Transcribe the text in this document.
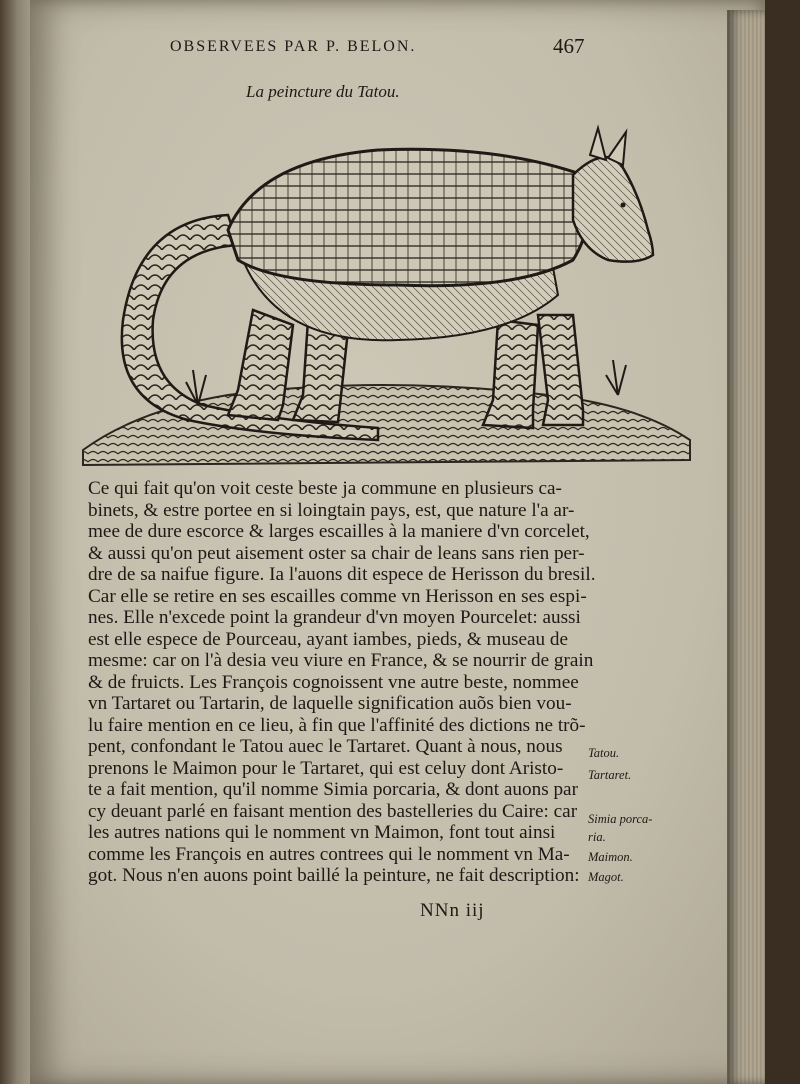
OBSERVEES PAR P. BELON.	467
La peincture du Tatou.
Ce qui fait qu'on voit ceste beste ja commune en plusieurs ca-
binets, & estre portee en si loingtain pays, est, que nature l'a ar-
mee de dure escorce & larges escailles à la maniere d'vn corcelet,
& aussi qu'on peut aisement oster sa chair de leans sans rien per-
dre de sa naifue figure. Ia l'auons dit espece de Herisson du bresil.
Car elle se retire en ses escailles comme vn Herisson en ses espi-
nes. Elle n'excede point la grandeur d'vn moyen Pourcelet: aussi
est elle espece de Pourceau, ayant iambes, pieds, & museau de
mesme: car on l'à desia veu viure en France, & se nourrir de grain
& de fruicts. Les François cognoissent vne autre beste, nommee
vn Tartaret ou Tartarin, de laquelle signification auõs bien vou-
lu faire mention en ce lieu, à fin que l'affinité des dictions ne trõ-
pent, confondant le Tatou auec le Tartaret. Quant à nous, nous
prenons le Maimon pour le Tartaret, qui est celuy dont Aristo-
te a fait mention, qu'il nomme Simia porcaria, & dont auons par
cy deuant parlé en faisant mention des bastelleries du Caire: car
les autres nations qui le nomment vn Maimon, font tout ainsi
comme les François en autres contrees qui le nomment vn Ma-
got. Nous n'en auons point baillé la peinture, ne fait description:
Tatou.
Tartaret.
Simia porca-
ria.
Maimon.
Magot.
NNn iij
